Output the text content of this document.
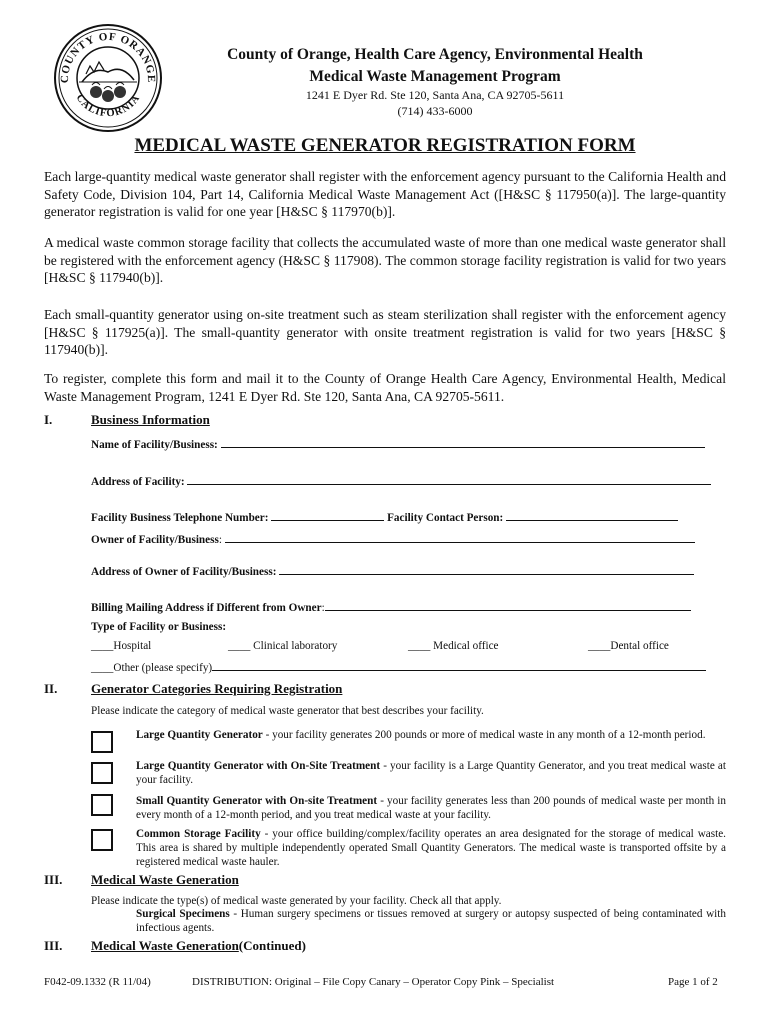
COUNTY OF ORANGE
CALIFORNIA
County of Orange, Health Care Agency, Environmental Health
Medical Waste Management Program
1241 E Dyer Rd. Ste 120, Santa Ana, CA 92705-5611
(714) 433-6000
MEDICAL WASTE GENERATOR REGISTRATION FORM

Each large-quantity medical waste generator shall register with the enforcement agency pursuant to the California Health and Safety Code, Division 104, Part 14, California Medical Waste Management Act ([H&SC § 117950(a)]. The large-quantity generator registration is valid for one year [H&SC § 117970(b)].

A medical waste common storage facility that collects the accumulated waste of more than one medical waste generator shall be registered with the enforcement agency (H&SC § 117908). The common storage facility registration is valid for two years [H&SC § 117940(b)].

Each small-quantity generator using on-site treatment such as steam sterilization shall register with the enforcement agency [H&SC § 117925(a)]. The small-quantity generator with onsite treatment registration is valid for two years [H&SC § 117940(b)].

To register, complete this form and mail it to the County of Orange Health Care Agency, Environmental Health, Medical Waste Management Program, 1241 E Dyer Rd. Ste 120, Santa Ana, CA 92705-5611.

I.	Business Information
Name of Facility/Business:
Address of Facility:
Facility Business Telephone Number:	Facility Contact Person:
Owner of Facility/Business:
Address of Owner of Facility/Business:
Billing Mailing Address if Different from Owner:
Type of Facility or Business:
____Hospital	____ Clinical laboratory	____ Medical office	____Dental office
____Other (please specify)
II.	Generator Categories Requiring Registration
Please indicate the category of medical waste generator that best describes your facility.
Large Quantity Generator - your facility generates 200 pounds or more of medical waste in any month of a 12-month period.
Large Quantity Generator with On-Site Treatment - your facility is a Large Quantity Generator, and you treat medical waste at your facility.
Small Quantity Generator with On-site Treatment - your facility generates less than 200 pounds of medical waste per month in every month of a 12-month period, and you treat medical waste at your facility.
Common Storage Facility - your office building/complex/facility operates an area designated for the storage of medical waste. This area is shared by multiple independently operated Small Quantity Generators. The medical waste is transported offsite by a registered medical waste hauler.
III. Medical Waste Generation
Please indicate the type(s) of medical waste generated by your facility. Check all that apply.
Surgical Specimens - Human surgery specimens or tissues removed at surgery or autopsy suspected of being contaminated with infectious agents.
III. Medical Waste Generation(Continued)
F042-09.1332 (R 11/04)	DISTRIBUTION: Original – File Copy Canary – Operator Copy Pink – Specialist	Page 1 of 2
